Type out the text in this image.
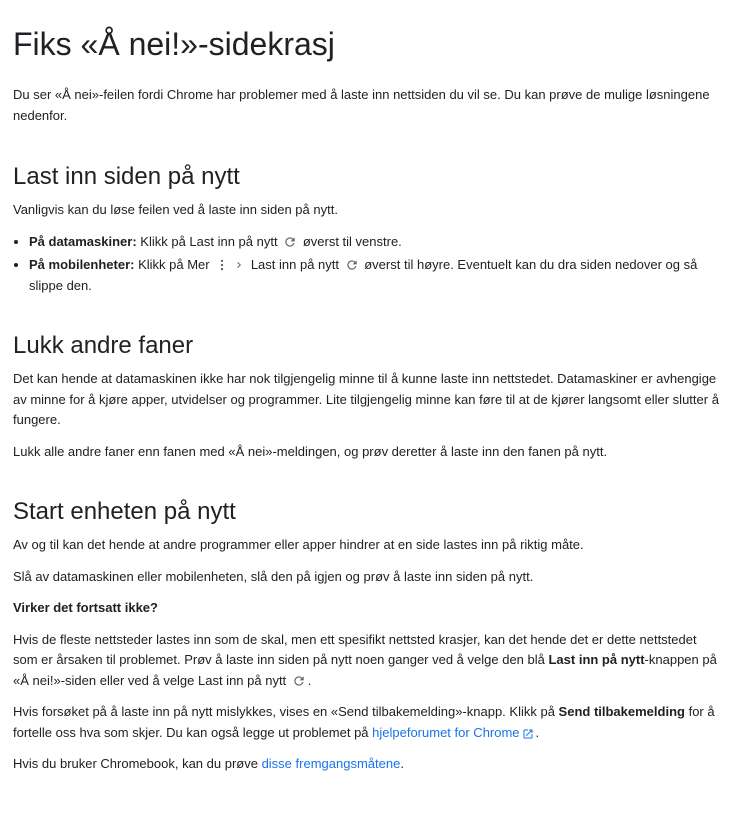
Fiks «Å nei!»-sidekrasj

Du ser «Å nei»-feilen fordi Chrome har problemer med å laste inn nettsiden du vil se. Du kan prøve de mulige løsningene nedenfor.

Last inn siden på nytt

Vanligvis kan du løse feilen ved å laste inn siden på nytt.

• På datamaskiner: Klikk på Last inn på nytt
øverst til venstre.
• På mobilenheter: Klikk på Mer	Last inn på nytt
øverst til høyre. Eventuelt kan du dra siden nedover og så slippe den.
Lukk andre faner

Det kan hende at datamaskinen ikke har nok tilgjengelig minne til å kunne laste inn nettstedet. Datamaskiner er avhengige av minne for å kjøre apper, utvidelser og programmer. Lite tilgjengelig minne kan føre til at de kjører langsomt eller slutter å fungere.

Lukk alle andre faner enn fanen med «Å nei»-meldingen, og prøv deretter å laste inn den fanen på nytt.

Start enheten på nytt

Av og til kan det hende at andre programmer eller apper hindrer at en side lastes inn på riktig måte.

Slå av datamaskinen eller mobilenheten, slå den på igjen og prøv å laste inn siden på nytt.

Virker det fortsatt ikke?

Hvis de fleste nettsteder lastes inn som de skal, men ett spesifikt nettsted krasjer, kan det hende det er dette nettstedet som er årsaken til problemet. Prøv å laste inn siden på nytt noen ganger ved å velge den blå Last inn på nytt-knappen på «Å nei!»-siden eller ved å velge Last inn på nytt
.

Hvis forsøket på å laste inn på nytt mislykkes, vises en «Send tilbakemelding»-knapp. Klikk på Send tilbakemelding for å fortelle oss hva som skjer. Du kan også legge ut problemet på hjelpeforumet for Chrome .

Hvis du bruker Chromebook, kan du prøve disse fremgangsmåtene.
